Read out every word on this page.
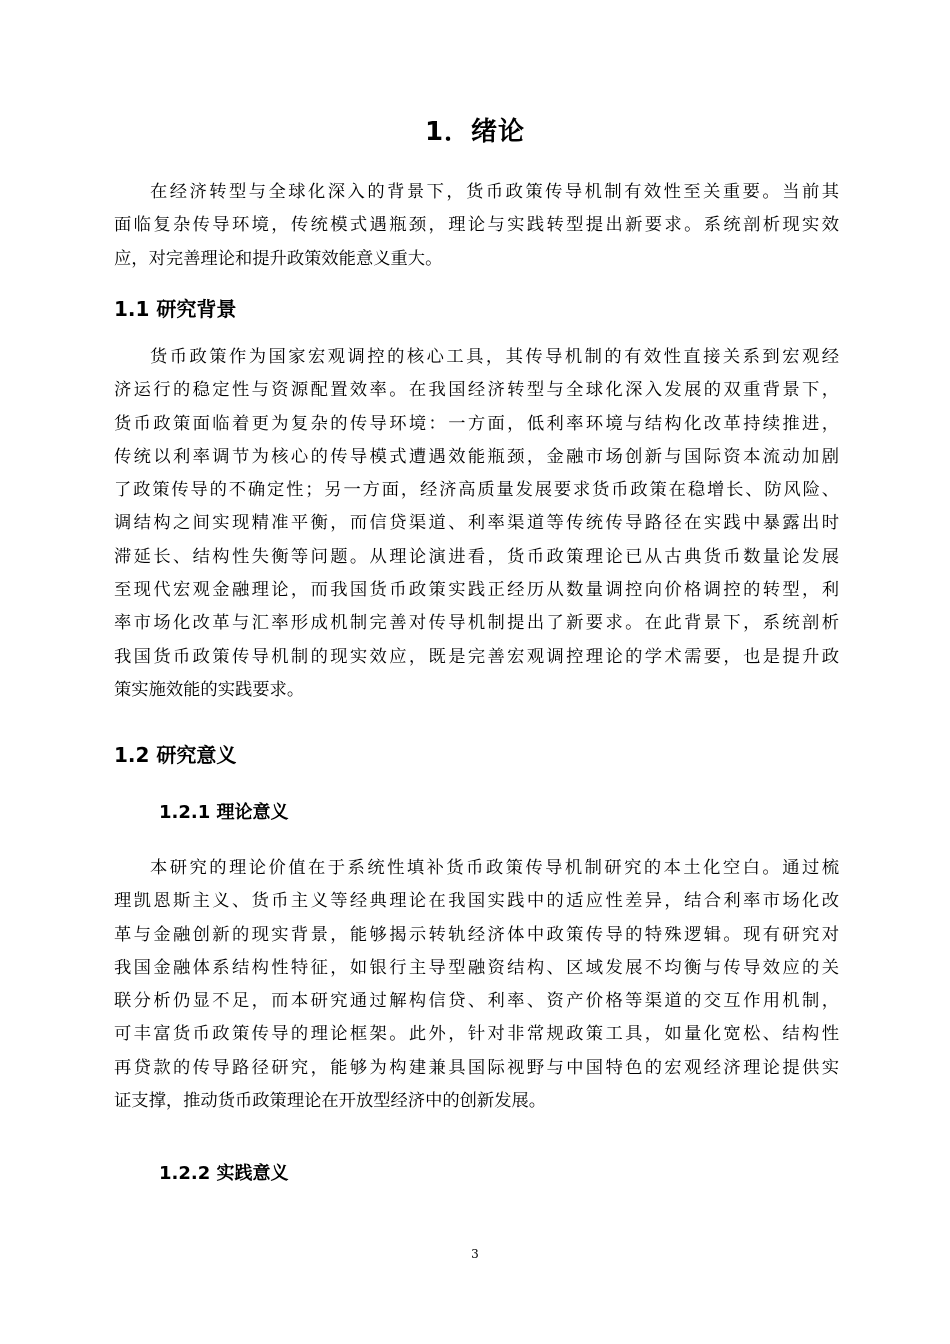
1．绪论
在经济转型与全球化深入的背景下，货币政策传导机制有效性至关重要。当前其
面临复杂传导环境，传统模式遇瓶颈，理论与实践转型提出新要求。系统剖析现实效
应，对完善理论和提升政策效能意义重大。
1.1 研究背景
货币政策作为国家宏观调控的核心工具，其传导机制的有效性直接关系到宏观经
济运行的稳定性与资源配置效率。在我国经济转型与全球化深入发展的双重背景下，
货币政策面临着更为复杂的传导环境：一方面，低利率环境与结构化改革持续推进，
传统以利率调节为核心的传导模式遭遇效能瓶颈，金融市场创新与国际资本流动加剧
了政策传导的不确定性；另一方面，经济高质量发展要求货币政策在稳增长、防风险、
调结构之间实现精准平衡，而信贷渠道、利率渠道等传统传导路径在实践中暴露出时
滞延长、结构性失衡等问题。从理论演进看，货币政策理论已从古典货币数量论发展
至现代宏观金融理论，而我国货币政策实践正经历从数量调控向价格调控的转型，利
率市场化改革与汇率形成机制完善对传导机制提出了新要求。在此背景下，系统剖析
我国货币政策传导机制的现实效应，既是完善宏观调控理论的学术需要，也是提升政
策实施效能的实践要求。
1.2 研究意义
1.2.1 理论意义
本研究的理论价值在于系统性填补货币政策传导机制研究的本土化空白。通过梳
理凯恩斯主义、货币主义等经典理论在我国实践中的适应性差异，结合利率市场化改
革与金融创新的现实背景，能够揭示转轨经济体中政策传导的特殊逻辑。现有研究对
我国金融体系结构性特征，如银行主导型融资结构、区域发展不均衡与传导效应的关
联分析仍显不足，而本研究通过解构信贷、利率、资产价格等渠道的交互作用机制，
可丰富货币政策传导的理论框架。此外，针对非常规政策工具，如量化宽松、结构性
再贷款的传导路径研究，能够为构建兼具国际视野与中国特色的宏观经济理论提供实
证支撑，推动货币政策理论在开放型经济中的创新发展。
1.2.2 实践意义
3
